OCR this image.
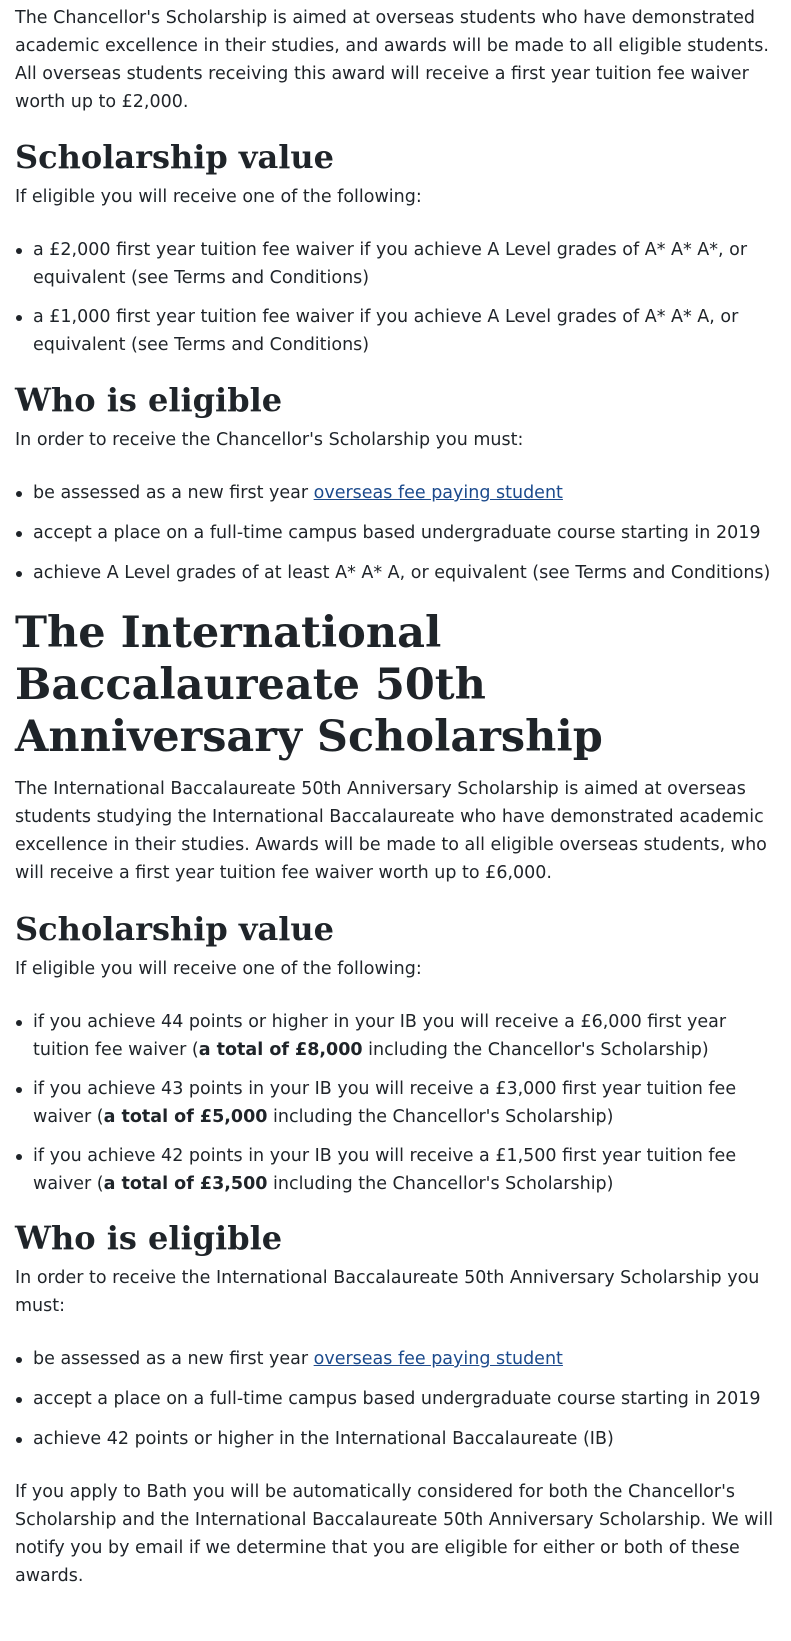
The Chancellor's Scholarship is aimed at overseas students who have demonstrated academic excellence in their studies, and awards will be made to all eligible students. All overseas students receiving this award will receive a first year tuition fee waiver worth up to £2,000.

Scholarship value

If eligible you will receive one of the following:

a £2,000 first year tuition fee waiver if you achieve A Level grades of A* A* A*, or equivalent (see Terms and Conditions)
a £1,000 first year tuition fee waiver if you achieve A Level grades of A* A* A, or equivalent (see Terms and Conditions)
Who is eligible

In order to receive the Chancellor's Scholarship you must:

be assessed as a new first year overseas fee paying student
accept a place on a full-time campus based undergraduate course starting in 2019
achieve A Level grades of at least A* A* A, or equivalent (see Terms and Conditions)
The International Baccalaureate 50th Anniversary Scholarship

The International Baccalaureate 50th Anniversary Scholarship is aimed at overseas students studying the International Baccalaureate who have demonstrated academic excellence in their studies. Awards will be made to all eligible overseas students, who will receive a first year tuition fee waiver worth up to £6,000.

Scholarship value

If eligible you will receive one of the following:

if you achieve 44 points or higher in your IB you will receive a £6,000 first year tuition fee waiver (a total of £8,000 including the Chancellor's Scholarship)
if you achieve 43 points in your IB you will receive a £3,000 first year tuition fee waiver (a total of £5,000 including the Chancellor's Scholarship)
if you achieve 42 points in your IB you will receive a £1,500 first year tuition fee waiver (a total of £3,500 including the Chancellor's Scholarship)
Who is eligible

In order to receive the International Baccalaureate 50th Anniversary Scholarship you must:

be assessed as a new first year overseas fee paying student
accept a place on a full-time campus based undergraduate course starting in 2019
achieve 42 points or higher in the International Baccalaureate (IB)

If you apply to Bath you will be automatically considered for both the Chancellor's Scholarship and the International Baccalaureate 50th Anniversary Scholarship. We will notify you by email if we determine that you are eligible for either or both of these awards.
